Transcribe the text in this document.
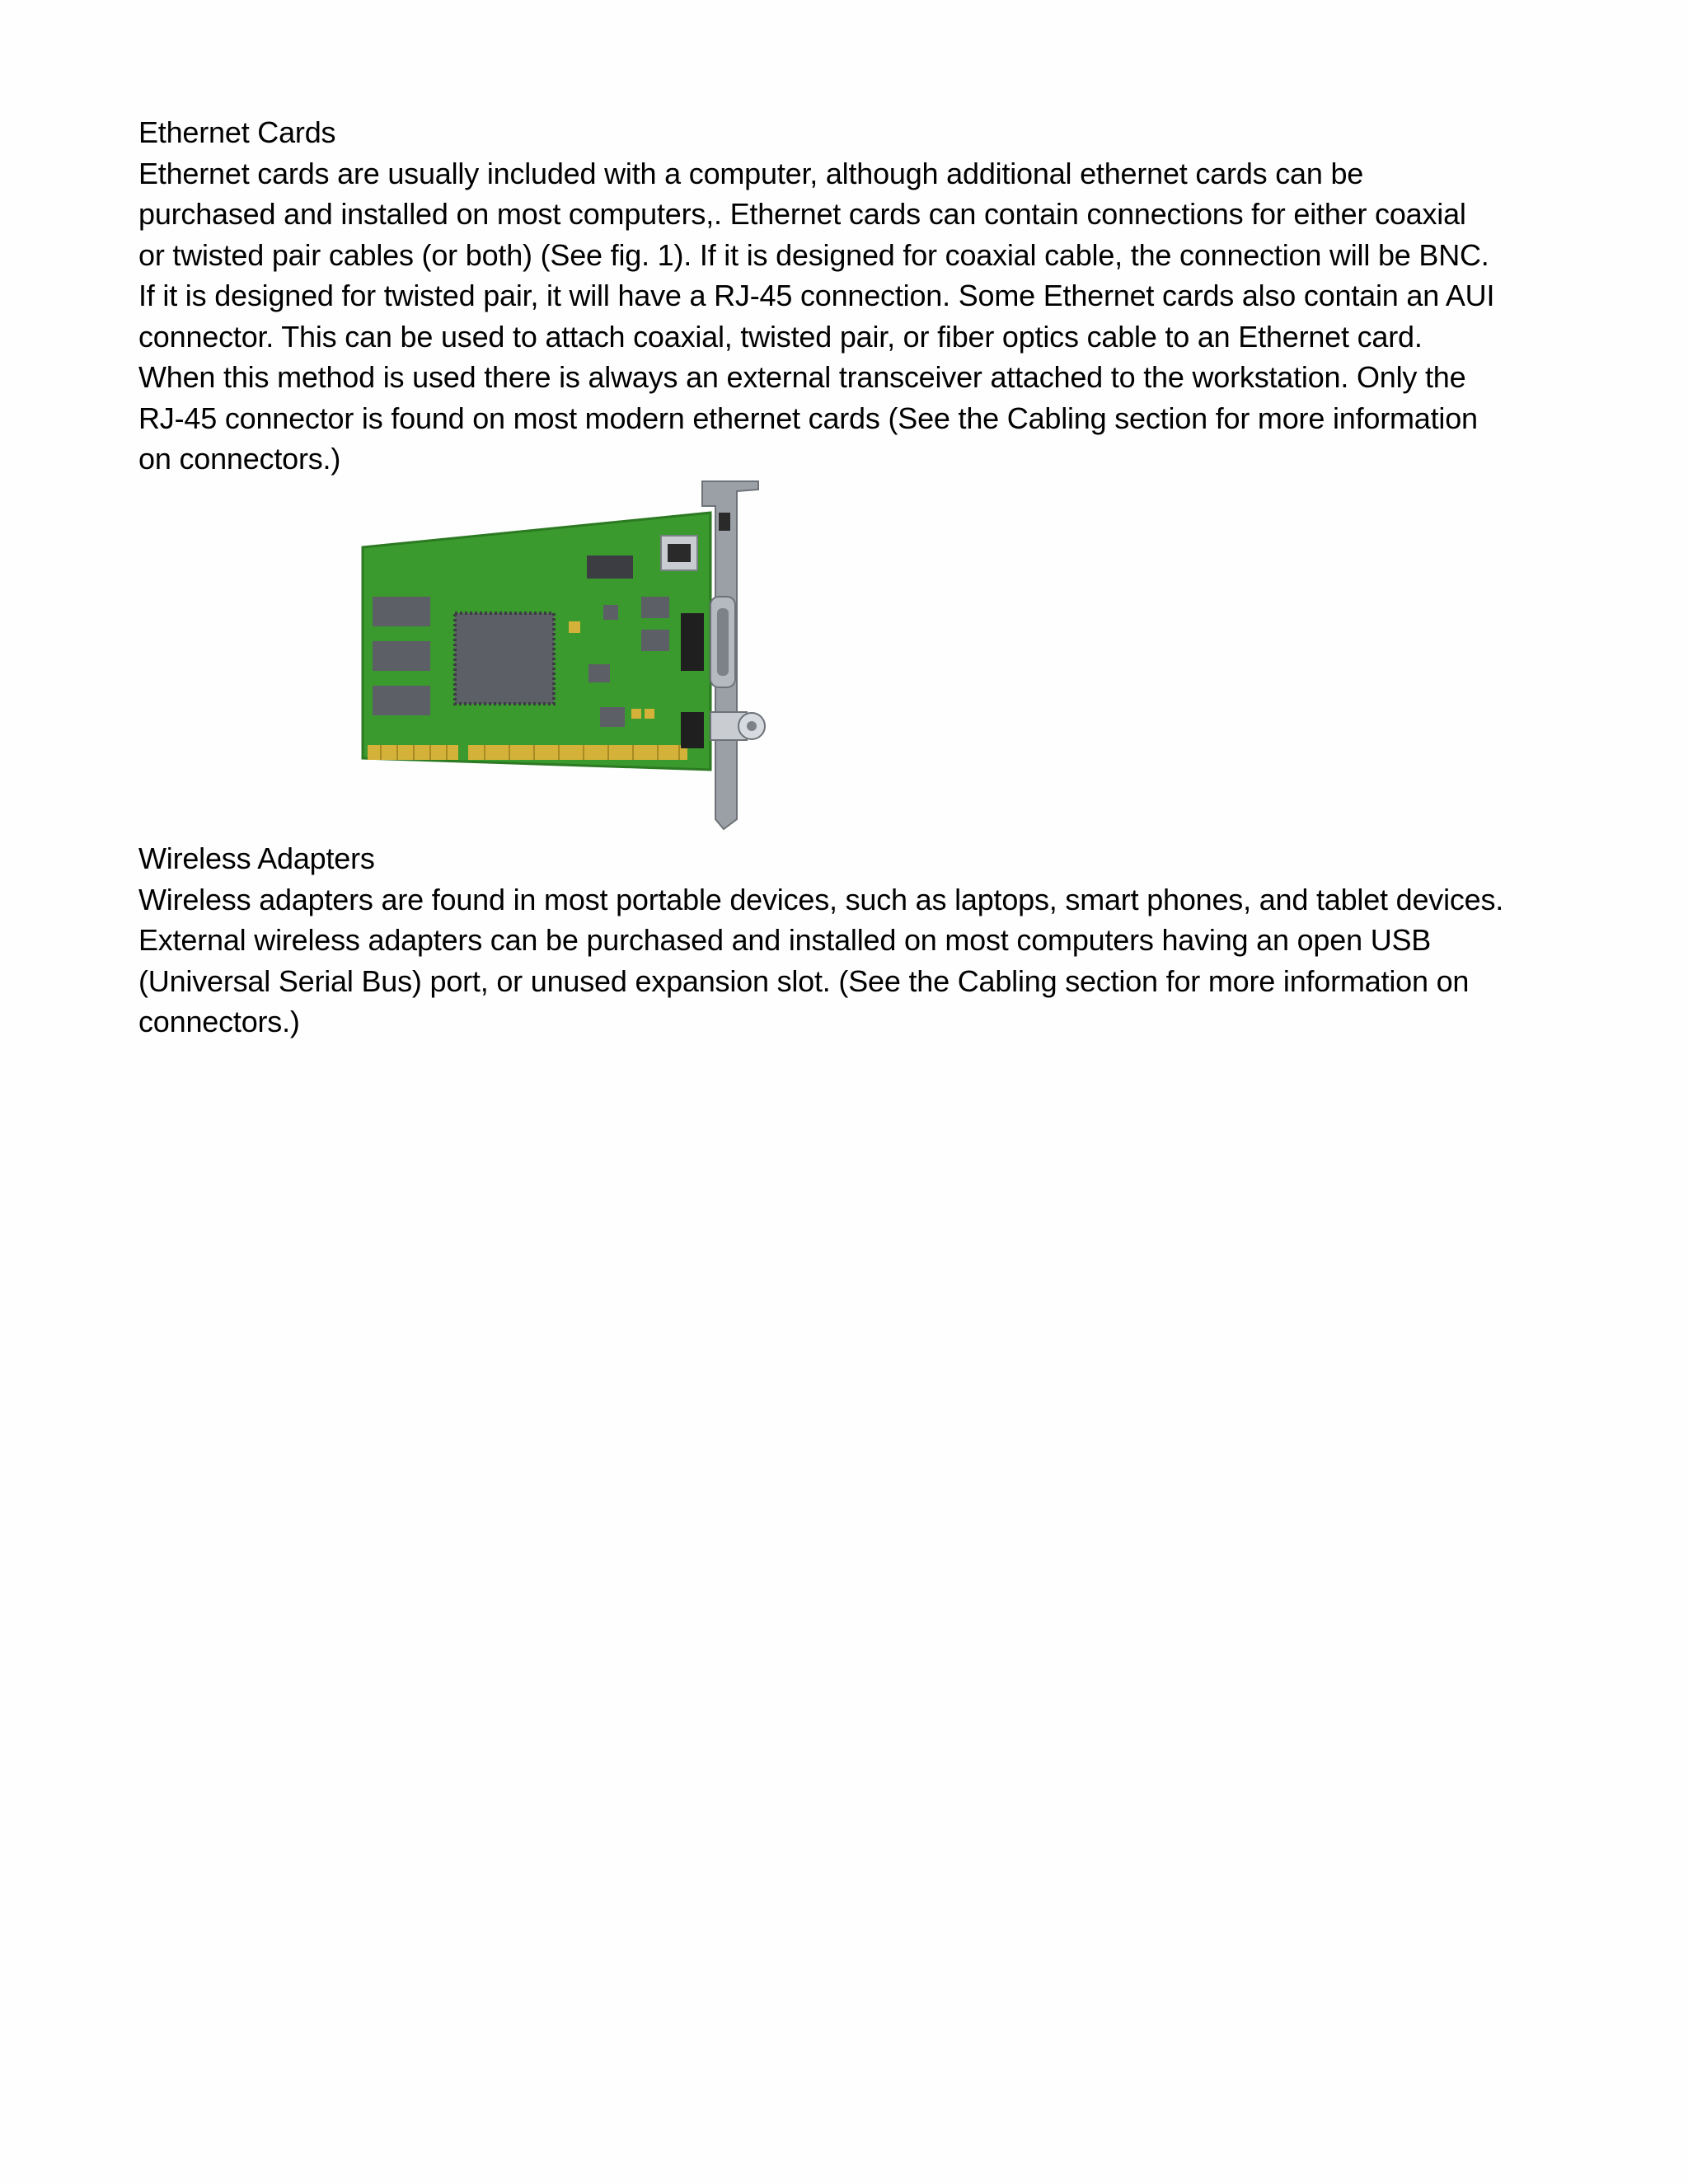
Ethernet Cards
Ethernet cards are usually included with a computer, although additional ethernet cards can be
purchased and installed on most computers,. Ethernet cards can contain connections for either coaxial
or twisted pair cables (or both) (See fig. 1). If it is designed for coaxial cable, the connection will be BNC.
If it is designed for twisted pair, it will have a RJ-45 connection. Some Ethernet cards also contain an AUI
connector. This can be used to attach coaxial, twisted pair, or fiber optics cable to an Ethernet card.
When this method is used there is always an external transceiver attached to the workstation. Only the
RJ-45 connector is found on most modern ethernet cards (See the Cabling section for more information
on connectors.)
Wireless Adapters
Wireless adapters are found in most portable devices, such as laptops, smart phones, and tablet devices.
External wireless adapters can be purchased and installed on most computers having an open USB
(Universal Serial Bus) port, or unused expansion slot. (See the Cabling section for more information on
connectors.)
